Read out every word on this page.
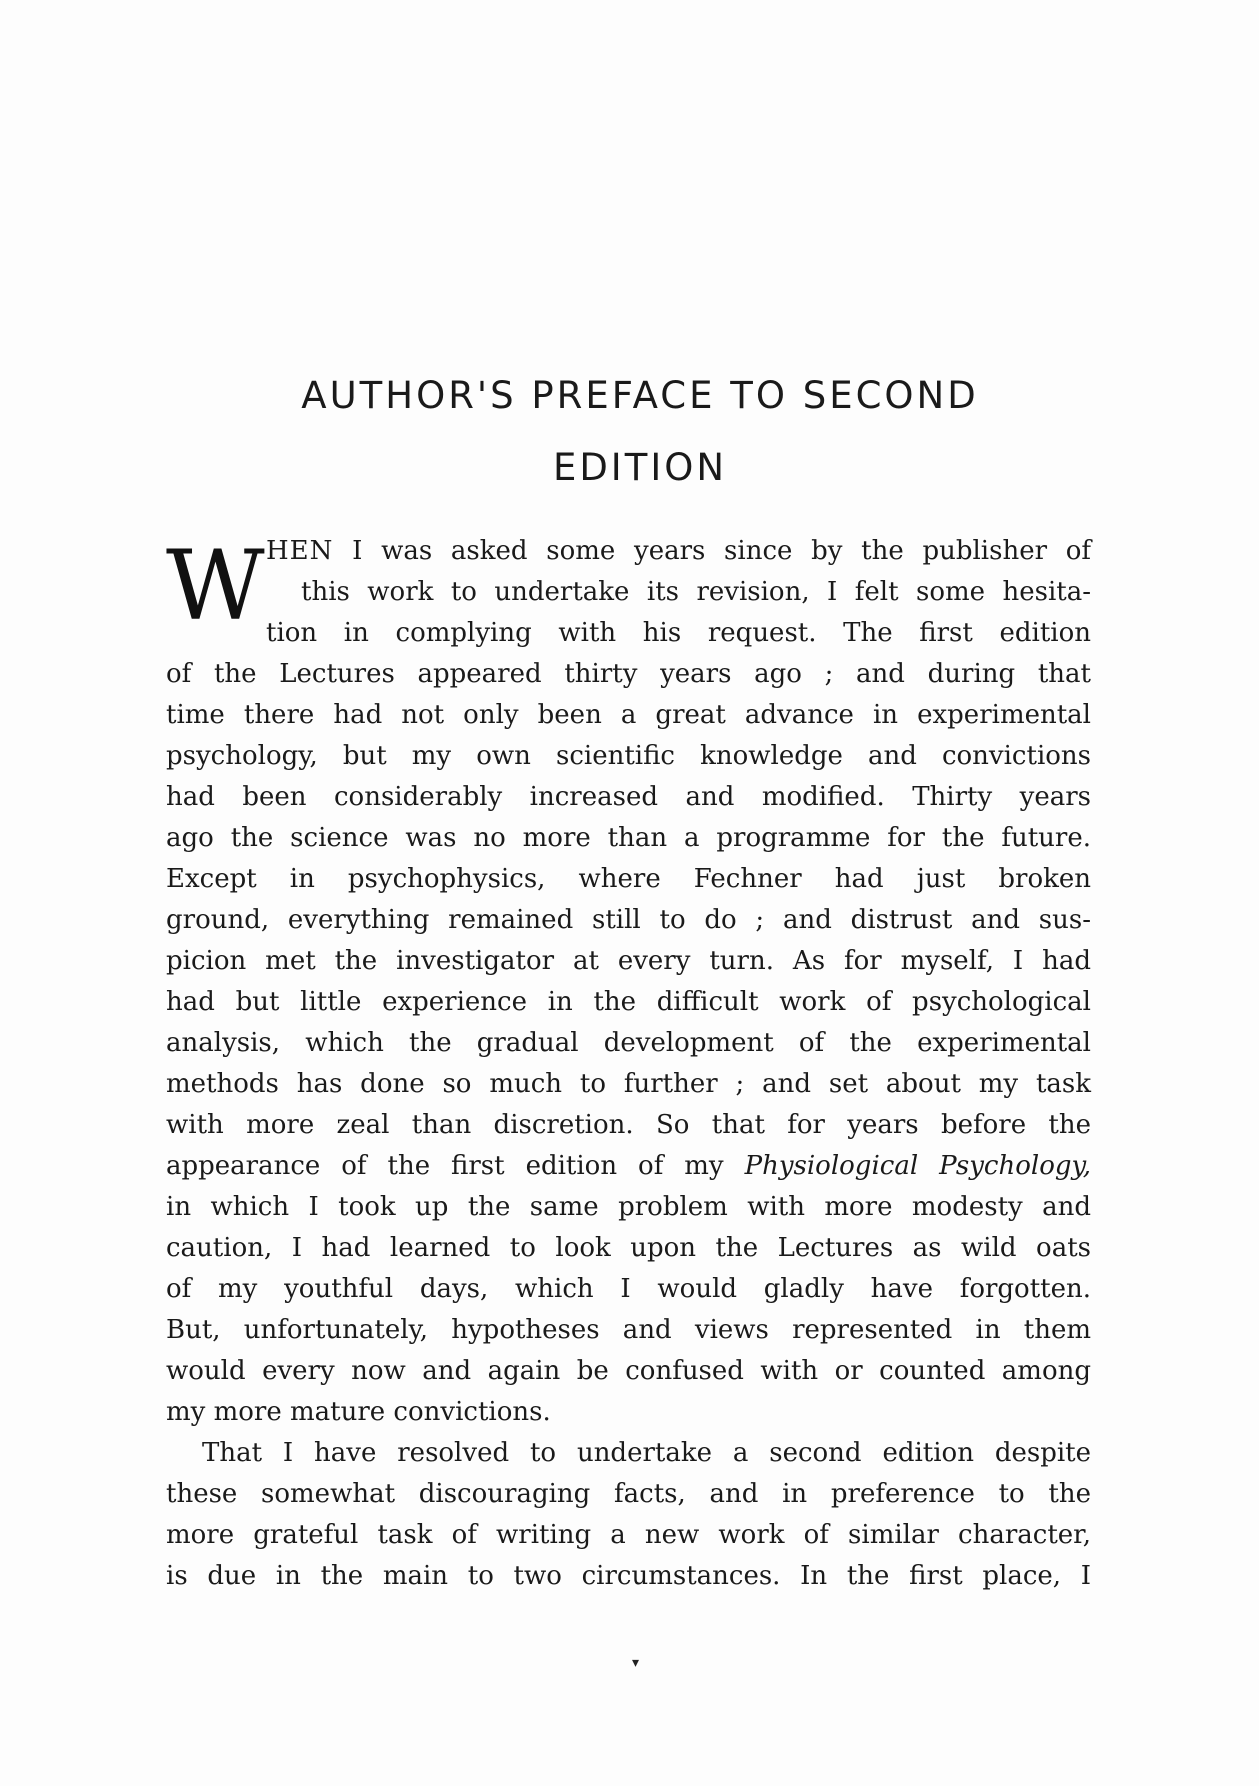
AUTHOR'S PREFACE TO SECOND
EDITION
W HEN I was asked some years since by the publisher of
this work to undertake its revision, I felt some hesita-
tion in complying with his request. The first edition
of the Lectures appeared thirty years ago ; and during that
time there had not only been a great advance in experimental
psychology, but my own scientific knowledge and convictions
had been considerably increased and modified. Thirty years
ago the science was no more than a programme for the future.
Except in psychophysics, where Fechner had just broken
ground, everything remained still to do ; and distrust and sus-
picion met the investigator at every turn. As for myself, I had
had but little experience in the difficult work of psychological
analysis, which the gradual development of the experimental
methods has done so much to further ; and set about my task
with more zeal than discretion. So that for years before the
appearance of the first edition of my Physiological Psychology,
in which I took up the same problem with more modesty and
caution, I had learned to look upon the Lectures as wild oats
of my youthful days, which I would gladly have forgotten.
But, unfortunately, hypotheses and views represented in them
would every now and again be confused with or counted among
my more mature convictions.
That I have resolved to undertake a second edition despite
these somewhat discouraging facts, and in preference to the
more grateful task of writing a new work of similar character,
is due in the main to two circumstances. In the first place, I
▾
